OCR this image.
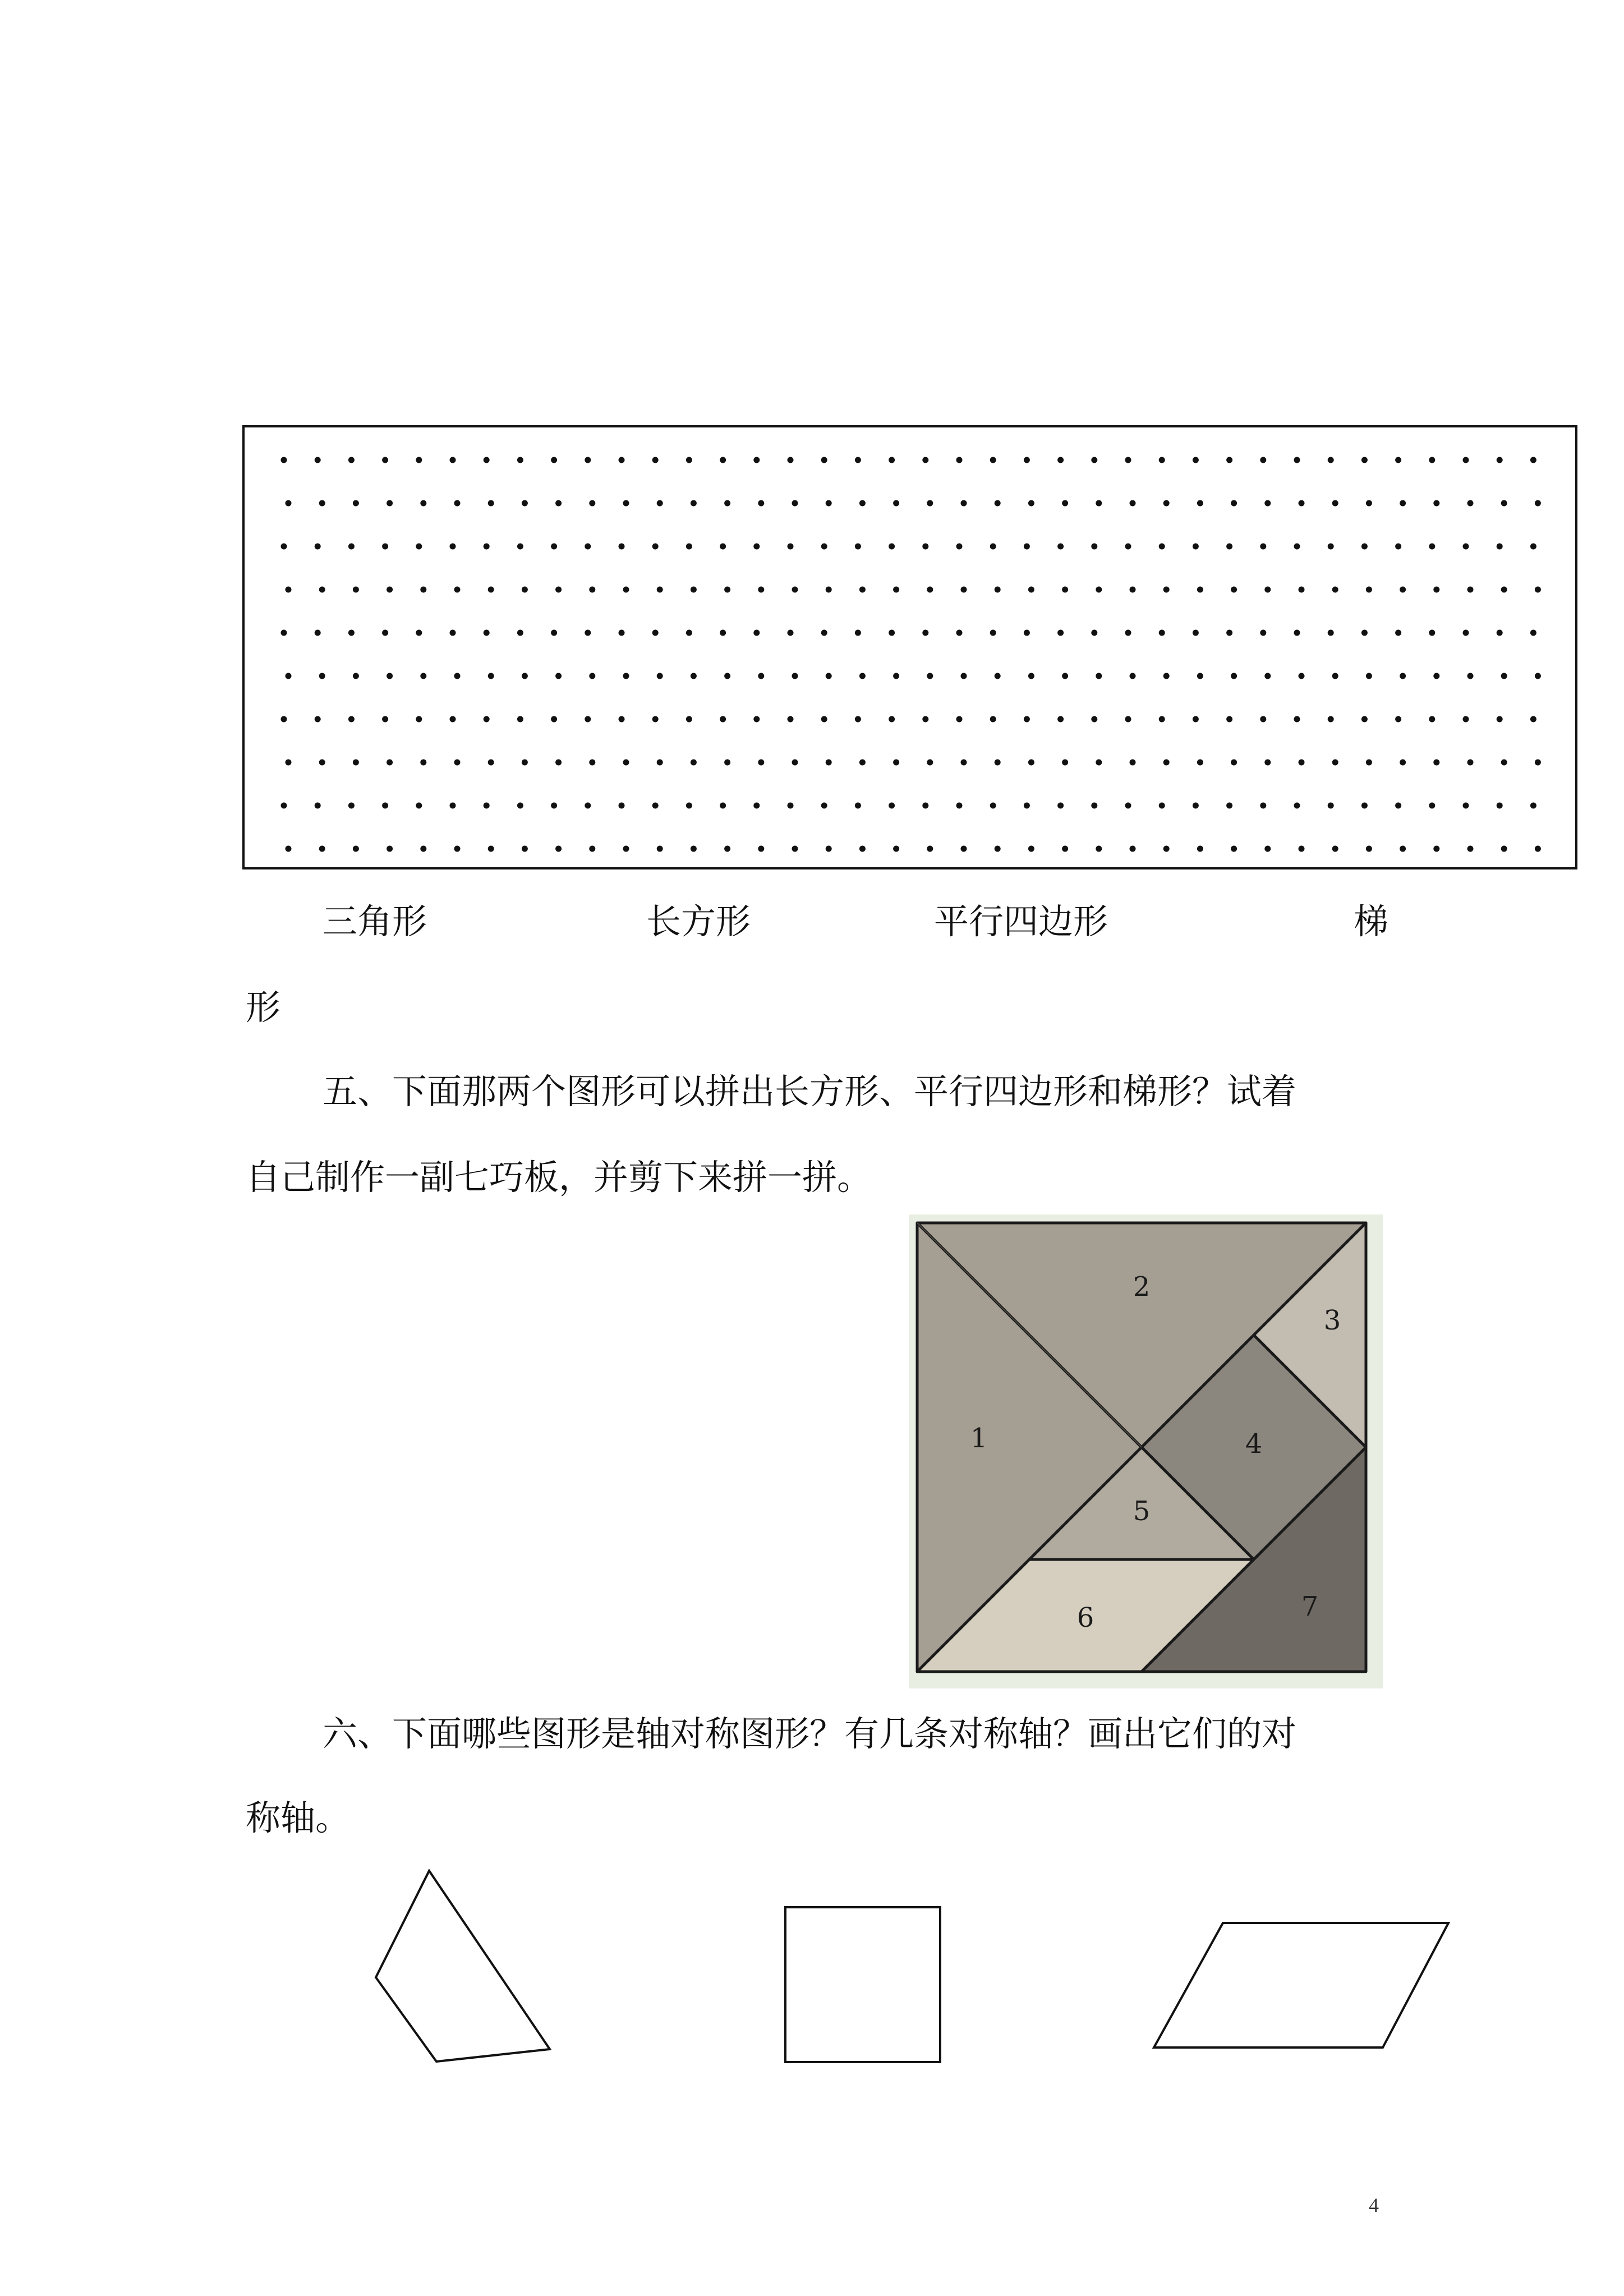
三角形	长方形	平行四边形	梯
形
五、下面那两个图形可以拼出长方形、平行四边形和梯形？试着
自己制作一副七巧板，并剪下来拼一拼。
1
2
3
4
5
6	7
六、下面哪些图形是轴对称图形？有几条对称轴？画出它们的对
称轴。
4
